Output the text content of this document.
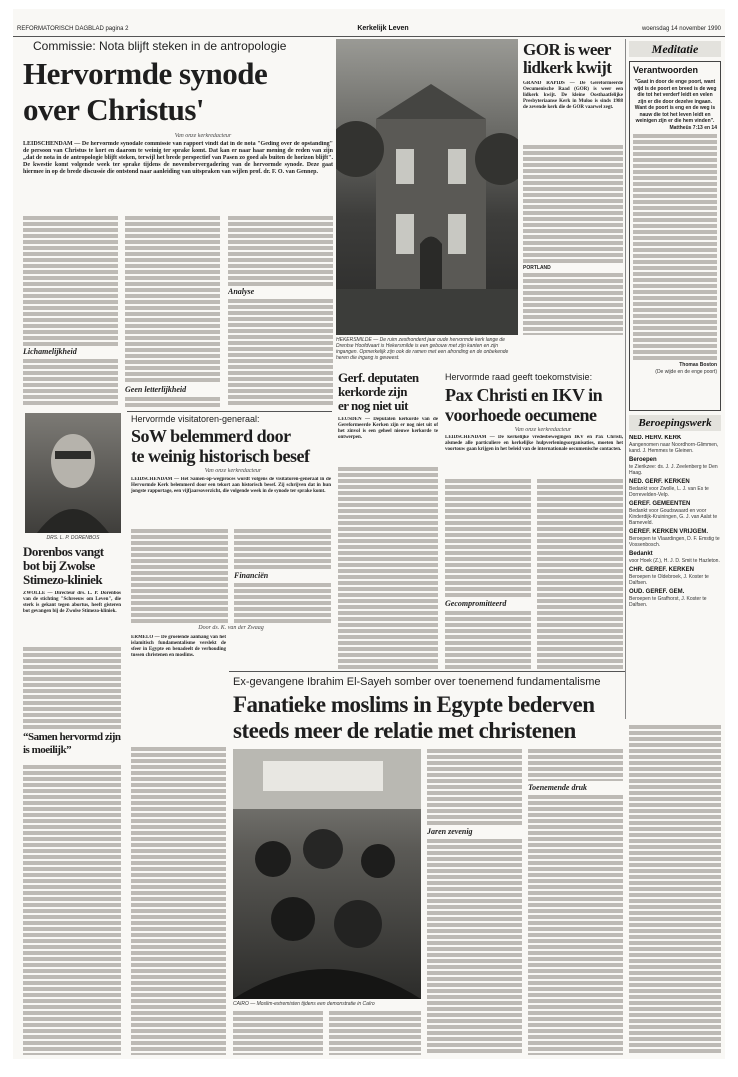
REFORMATORISCH DAGBLAD pagina 2	Kerkelijk Leven	woensdag 14 november 1990
Commissie: Nota blijft steken in de antropologie
Hervormde synode
over Christus'
Van onze kerkredacteur
LEIDSCHENDAM — De hervormde synodale commissie van rapport vindt dat in de nota "Geding over de opstanding" de persoon van Christus te kort en daarom te weinig ter sprake komt. Dat kan er naar haar mening de reden van zijn „dat de nota in de antropologie blijft steken, terwijl het brede perspectief van Pasen zo goed als buiten de horizon blijft". De kwestie komt volgende week ter sprake tijdens de novembervergadering van de hervormde synode. Deze gaat hiermee in op de brede discussie die ontstond naar aanleiding van uitspraken van wijlen prof. dr. F. O. van Gennep.
Lichamelijkheid
Geen letterlijkheid
Analyse
HEKERSMILDE — De ruim zesthonderd jaar oude hervormde kerk lange de Drentse Hoofdvaart is Hekersmilde is een gebouw met zijn kanten en zijn ingangen. Opmerkelijk zijn ook de ramen met een afronding en de onbekende heren die ingang is geweest.
GOR is weer
lidkerk kwijt
GRAND RAPIDS — De Gereformeerde Oecumenische Raad (GOR) is weer een lidkerk kwijt. De kleine Oosthaatfelijke Presbyteriaanse Kerk in Muloo is sinds 1988 de zevende kerk die de GOR vaarwel zegt.
PORTLAND
Meditatie
Verantwoorden
"Gaat in door de enge poort, want wijd is de poort en breed is de weg die tot het verderf leidt en velen zijn er die door dezelve ingaan. Want de poort is eng en de weg is nauw die tot het leven leidt en weinigen zijn er die hem vinden".
Mattheüs 7:13 en 14
Thomas Boston
(De wijde en de enge poort)
DRS. L. P. DORENBOS
Dorenbos vangt
bot bij Zwolse
Stimezo-kliniek
ZWOLLE — Directeur drs. L. P. Dorenbos van de stichting "Schreeuw om Leven", die sterk is gekant tegen abortus, heeft gisteren bot gevangen bij de Zwolse Stimezo-kliniek.
Hervormde visitatoren-generaal:
SoW belemmerd door
te weinig historisch besef
Van onze kerkredacteur
LEIDSCHENDAM — Het Samen-op-wegproces wordt volgens de visitatoren-generaal in de Hervormde Kerk belemmerd door een tekort aan historisch besef. Zij schrijven dat in hun jongste rapportage, een vijfjaarsoverzicht, die volgende week in de synode ter sprake komt.
Financiën
Door ds. K. van der Zwaag
ERMELO — De groeiende aanhang van het islamitisch fundamentalisme verslekt de sfeer in Egypte en benadeelt de verhouding tussen christenen en moslims.
Gerf. deputaten
kerkorde zijn
er nog niet uit
LEUSDEN — Deputaten kerkorde van de Gereformeerde Kerken zijn er nog niet uit of het zinvol is een geheel nieuwe kerkorde te ontwerpen.
Hervormde raad geeft toekomstvisie:
Pax Christi en IKV in
voorhoede oecumene
Van onze kerkredacteur
LEIDSCHENDAM — De kerkelijke vredesbewegingen IKV en Pax Christi, alsmede alle particuliere en kerkelijke hulpverleningsorganisaties, moeten het voortouw gaan krijgen in het beleid van de internationale oecumenische contacten.
Gecompromitteerd
Beroepingswerk
NED. HERV. KERK
Aangenomen naar Noordhorn-Glimmen, kand. J. Hemmes te Gleinen.
Beroepen
te Zierikzee: ds. J. J. Zeelenberg te Den Haag.
NED. GERF. KERKEN
Bedankt voor Zwolle, L. J. van Es te Dorrevelden-Velp.
GEREF. GEMEENTEN
Bedankt voor Goudswaard en voor Kinderdijk-Kruiningen, G. J. van Aalst te Barneveld.
GEREF. KERKEN VRIJGEM.
Beroepen te Vlaardingen, D. F. Emstig te Vossenbosch.
Bedankt
voor Hoek (Z.), H. J. D. Smit te Hazleton.
CHR. GEREF. KERKEN
Beroepen te Oldebroek, J. Koster te Dalfsen.
OUD. GEREF. GEM.
Beroepen te Grafhorst, J. Koster te Dalfsen.
Ex-gevangene Ibrahim El-Sayeh somber over toenemend fundamentalisme
Fanatieke moslims in Egypte bederven
steeds meer de relatie met christenen
“Samen hervormd zijn is moeilijk”
CAIRO — Moslim-extremisten tijdens een demonstratie in Caïro
Jaren zevenig
Toenemende druk
